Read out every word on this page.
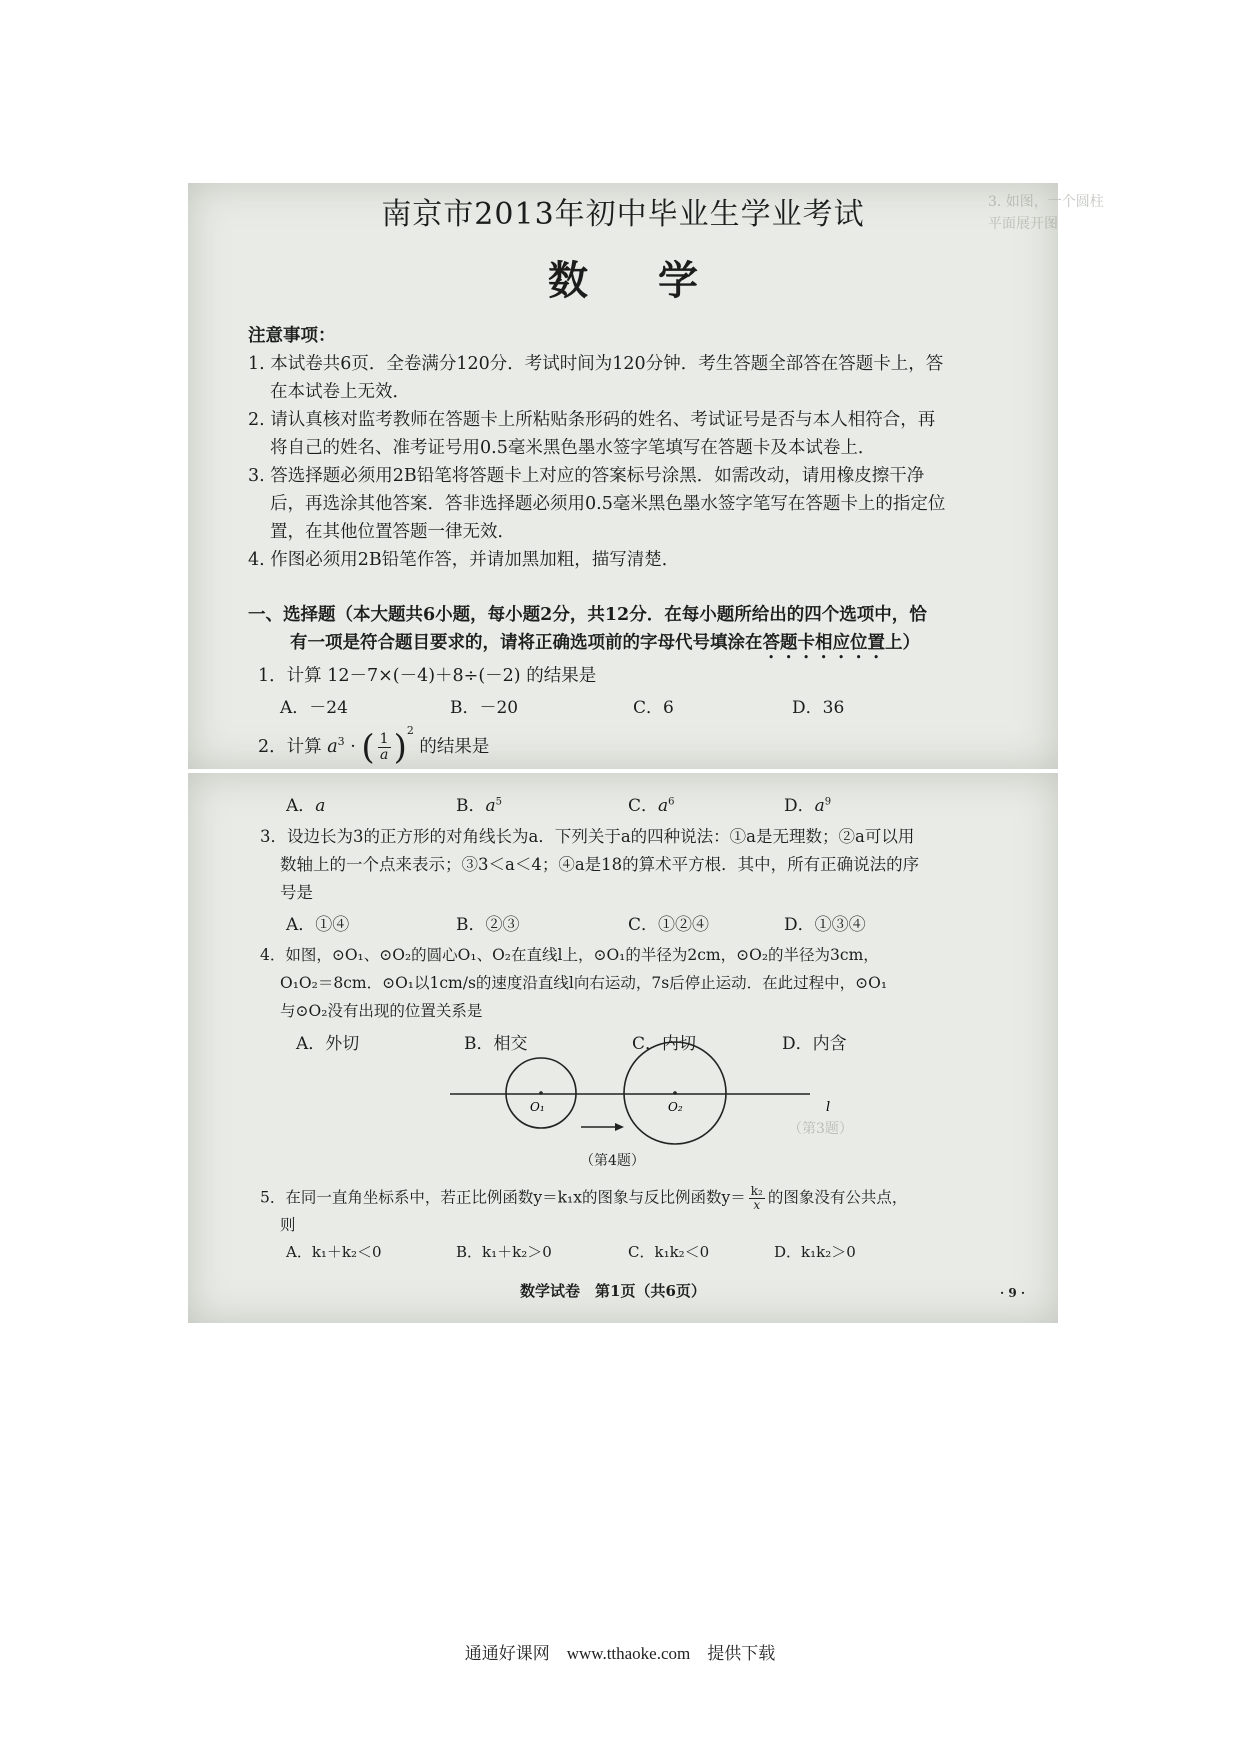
3. 如图，一个圆柱
平面展开图
南京市2013年初中毕业生学业考试
数学
注意事项：
1. 本试卷共6页．全卷满分120分．考试时间为120分钟．考生答题全部答在答题卡上，答
在本试卷上无效．
2. 请认真核对监考教师在答题卡上所粘贴条形码的姓名、考试证号是否与本人相符合，再
将自己的姓名、准考证号用0.5毫米黑色墨水签字笔填写在答题卡及本试卷上．
3. 答选择题必须用2B铅笔将答题卡上对应的答案标号涂黑．如需改动，请用橡皮擦干净
后，再选涂其他答案．答非选择题必须用0.5毫米黑色墨水签字笔写在答题卡上的指定位
置，在其他位置答题一律无效．
4. 作图必须用2B铅笔作答，并请加黑加粗，描写清楚．
一、选择题（本大题共6小题，每小题2分，共12分．在每小题所给出的四个选项中，恰
有一项是符合题目要求的，请将正确选项前的字母代号填涂在答题卡相应位置上）
1．计算 12－7×(－4)＋8÷(－2) 的结果是
A．－24	B．－20	C．6	D．36
2．计算 $a^3$ · ( $\frac{1}{a} )^2$ 的结果是
（第3题）
A．a	B．$a^5$	C．$a^6$	D．$a^9$
3．设边长为3的正方形的对角线长为a．下列关于a的四种说法：①a是无理数；②a可以用
数轴上的一个点来表示；③3＜a＜4；④a是18的算术平方根．其中，所有正确说法的序
号是
A．①④	B．②③	C．①②④	D．①③④
4．如图，⊙O₁、⊙O₂的圆心O₁、O₂在直线l上，⊙O₁的半径为2cm，⊙O₂的半径为3cm，
O₁O₂＝8cm．⊙O₁以1cm/s的速度沿直线l向右运动，7s后停止运动．在此过程中，⊙O₁
与⊙O₂没有出现的位置关系是
A．外切	B．相交	C．内切	D．内含
O₁	O₂	l
（第4题）
5．在同一直角坐标系中，若正比例函数y＝k₁x的图象与反比例函数$y= \frac{\text{k₂}}{x}$ 的图象没有公共点，
则
A．k₁＋k₂＜0	B．k₁＋k₂＞0	C．k₁k₂＜0	D．k₁k₂＞0
数学试卷　第1页（共6页）	· 9 ·
通通好课网　www.tthaoke.com　提供下载
